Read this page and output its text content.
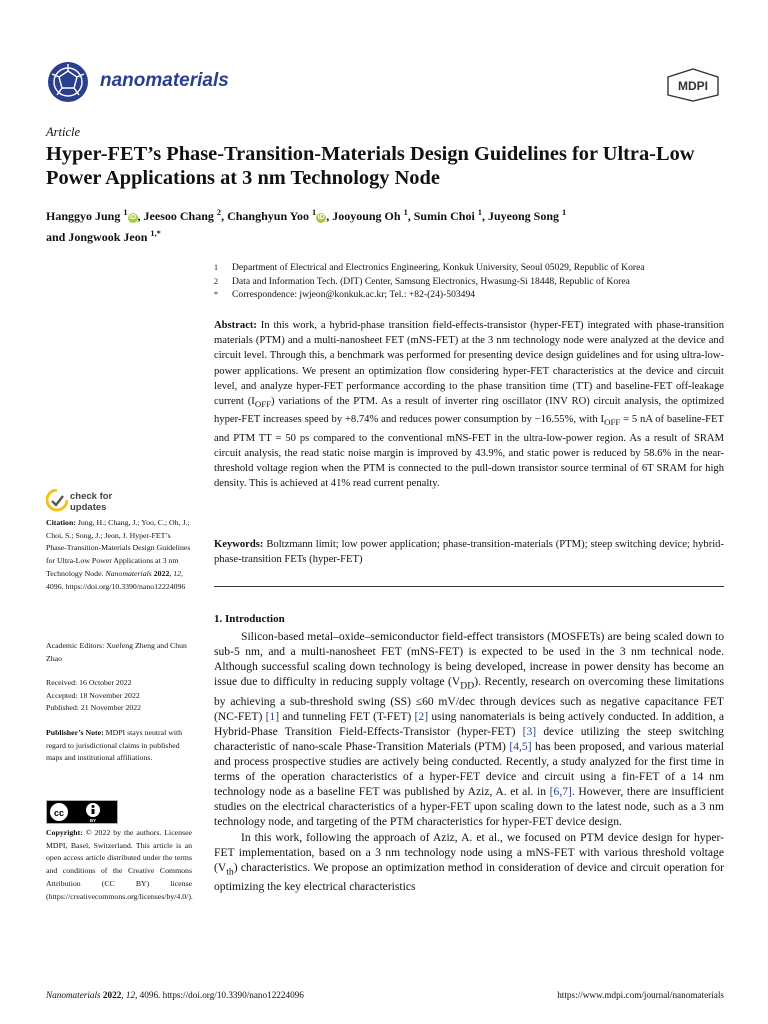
nanomaterials	MDPI
Article
Hyper-FET’s Phase-Transition-Materials Design Guidelines for Ultra-Low Power Applications at 3 nm Technology Node
Hanggyo Jung $^1$iD , Jeesoo Chang $^2$, Changhyun Yoo $^1$iD , Jooyoung Oh $^1$, Sumin Choi $^1$, Juyeong Song $^1$
and Jongwook Jeon $^{1,*}$
1	Department of Electrical and Electronics Engineering, Konkuk University, Seoul 05029, Republic of Korea
2	Data and Information Tech. (DIT) Center, Samsung Electronics, Hwasung-Si 18448, Republic of Korea
*	Correspondence: jwjeon@konkuk.ac.kr; Tel.: +82-(24)-503494
Abstract: In this work, a hybrid-phase transition field-effects-transistor (hyper-FET) integrated with phase-transition materials (PTM) and a multi-nanosheet FET (mNS-FET) at the 3 nm technology node were analyzed at the device and circuit level. Through this, a benchmark was performed for presenting device design guidelines and for using ultra-low-power applications. We present an optimization flow considering hyper-FET characteristics at the device and circuit level, and analyze hyper-FET performance according to the phase transition time (TT) and baseline-FET off-leakage current $(I_{OFF})$ variations of the PTM. As a result of inverter ring oscillator (INV RO) circuit analysis, the optimized hyper-FET increases speed by +8.74% and reduces power consumption by −16.55%, with $I_{OFF} = 5$ nA of baseline-FET and PTM TT = 50 ps compared to the conventional mNS-FET in the ultra-low-power region. As a result of SRAM circuit analysis, the read static noise margin is improved by 43.9%, and static power is reduced by 58.6% in the near-threshold voltage region when the PTM is connected to the pull-down transistor source terminal of 6T SRAM for high density. This is achieved at 41% read current penalty.
Keywords: Boltzmann limit; low power application; phase-transition-materials (PTM); steep switching device; hybrid-phase-transition FETs (hyper-FET)
check for
updates

Citation: Jung, H.; Chang, J.; Yoo, C.; Oh, J.; Choi, S.; Song, J.; Jeon, J. Hyper-FET’s Phase-Transition-Materials Design Guidelines for Ultra-Low Power Applications at 3 nm Technology Node. Nanomaterials 2022, 12, 4096. https://doi.org/10.3390/nano12224096

Academic Editors: Xuefeng Zheng and Chun Zhao

Received: 16 October 2022

Accepted: 18 November 2022

Published: 21 November 2022

Publisher’s Note: MDPI stays neutral with regard to jurisdictional claims in published maps and institutional affiliations.

cc
BY

Copyright: © 2022 by the authors. Licensee MDPI, Basel, Switzerland. This article is an open access article distributed under the terms and conditions of the Creative Commons Attribution (CC BY) license (https://creativecommons.org/licenses/by/4.0/).

1. Introduction

Silicon-based metal–oxide–semiconductor field-effect transistors (MOSFETs) are being scaled down to sub-5 nm, and a multi-nanosheet FET (mNS-FET) is expected to be used in the 3 nm technical node. Although successful scaling down technology is being developed, increase in power density has become an issue due to difficulty in reducing supply voltage $(V_{DD})$. Recently, research on overcoming these limitations by achieving a sub-threshold swing (SS) ≤60 mV/dec through devices such as negative capacitance FET (NC-FET) [1] and tunneling FET (T-FET) [2] using nanomaterials is being actively conducted. In addition, a Hybrid-Phase Transition Field-Effects-Transistor (hyper-FET) [3] device utilizing the steep switching characteristic of nano-scale Phase-Transition Materials (PTM) [4,5] has been proposed, and various material and process prospective studies are actively being conducted. Recently, a study analyzed for the first time in terms of the operation characteristics of a hyper-FET device and circuit using a fin-FET of a 14 nm technology node as a baseline FET was published by Aziz, A. et al. in [6,7]. However, there are insufficient studies on the electrical characteristics of a hyper-FET upon scaling down to the latest node, such as a 3 nm technology node, and targeting of the PTM characteristics for hyper-FET device design.

In this work, following the approach of Aziz, A. et al., we focused on PTM device design for hyper-FET implementation, based on a 3 nm technology node using a mNS-FET with various threshold voltage $(V_{th})$ characteristics. We propose an optimization method in consideration of device and circuit operation for optimizing the key electrical characteristics

Nanomaterials 2022, 12, 4096. https://doi.org/10.3390/nano12224096	https://www.mdpi.com/journal/nanomaterials
